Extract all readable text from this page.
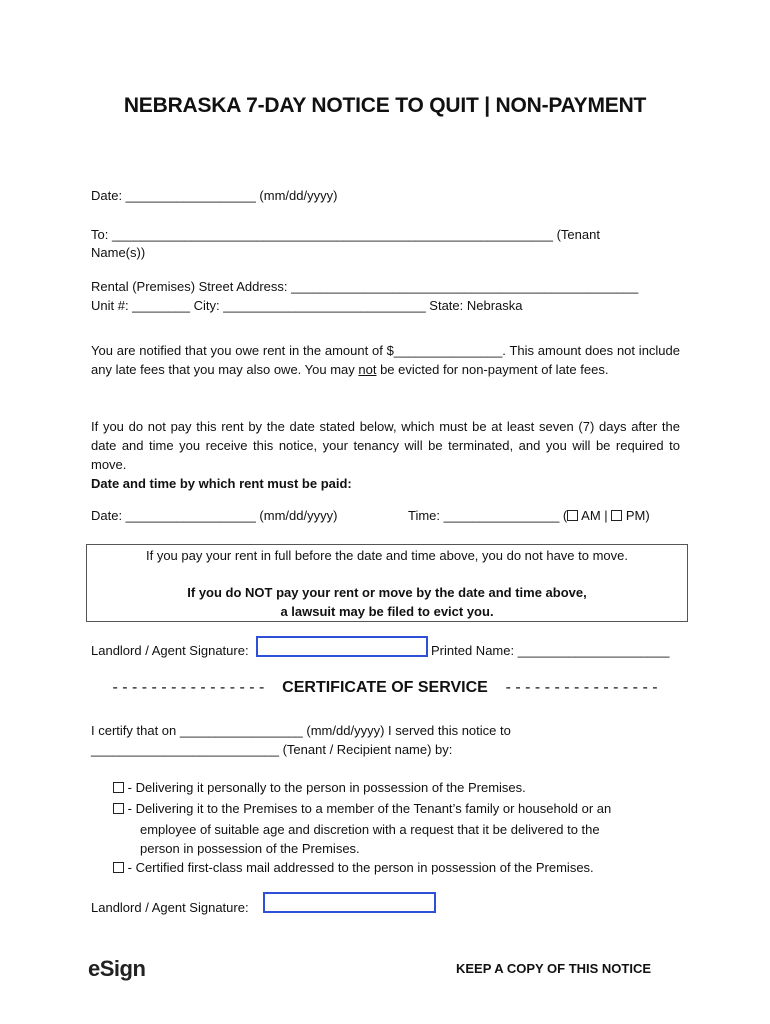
NEBRASKA 7-DAY NOTICE TO QUIT | NON-PAYMENT
Date: __________________ (mm/dd/yyyy)
To: _____________________________________________________________ (Tenant
Name(s))
Rental (Premises) Street Address: ________________________________________________
Unit #: ________ City: ____________________________ State: Nebraska
You are notified that you owe rent in the amount of $_______________. This amount does not include any late fees that you may also owe. You may not be evicted for non-payment of late fees.
If you do not pay this rent by the date stated below, which must be at least seven (7) days after the date and time you receive this notice, your tenancy will be terminated, and you will be required to move.
Date and time by which rent must be paid:
Date: __________________ (mm/dd/yyyy)	Time: ________________ ( AM |  PM)
If you pay your rent in full before the date and time above, you do not have to move.
If you do NOT pay your rent or move by the date and time above,
a lawsuit may be filed to evict you.
Landlord / Agent Signature:	Printed Name: _____________________
- - - - - - - - - - - - - - - - CERTIFICATE OF SERVICE - - - - - - - - - - - - - - - -
I certify that on _________________ (mm/dd/yyyy) I served this notice to
__________________________ (Tenant / Recipient name) by:
- Delivering it personally to the person in possession of the Premises.
- Delivering it to the Premises to a member of the Tenant’s family or household or an
employee of suitable age and discretion with a request that it be delivered to the
person in possession of the Premises.
- Certified first-class mail addressed to the person in possession of the Premises.
Landlord / Agent Signature:
eSign	KEEP A COPY OF THIS NOTICE
